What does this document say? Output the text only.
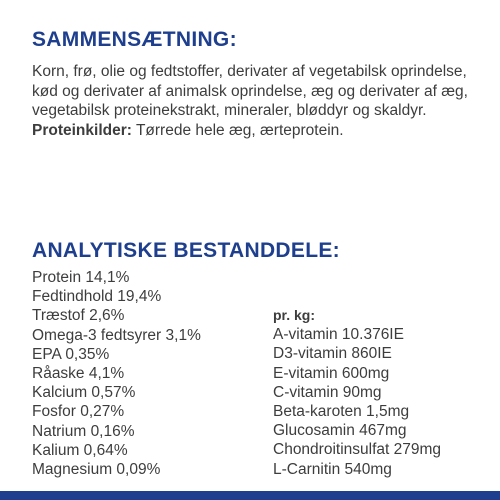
SAMMENSÆTNING:

Korn, frø, olie og fedtstoffer, derivater af vegetabilsk oprindelse, kød og derivater af animalsk oprindelse, æg og derivater af æg, vegetabilsk proteinekstrakt, mineraler, bløddyr og skaldyr.

Proteinkilder: Tørrede hele æg, ærteprotein.

ANALYTISKE BESTANDDELE:
Protein 14,1%
Fedtindhold 19,4%
Træstof 2,6%
Omega-3 fedtsyrer 3,1%
EPA 0,35%
Råaske 4,1%
Kalcium 0,57%
Fosfor 0,27%
Natrium 0,16%
Kalium 0,64%
Magnesium 0,09%
pr. kg:
A-vitamin 10.376IE
D3-vitamin 860IE
E-vitamin 600mg
C-vitamin 90mg
Beta-karoten 1,5mg
Glucosamin 467mg
Chondroitinsulfat 279mg
L-Carnitin 540mg
